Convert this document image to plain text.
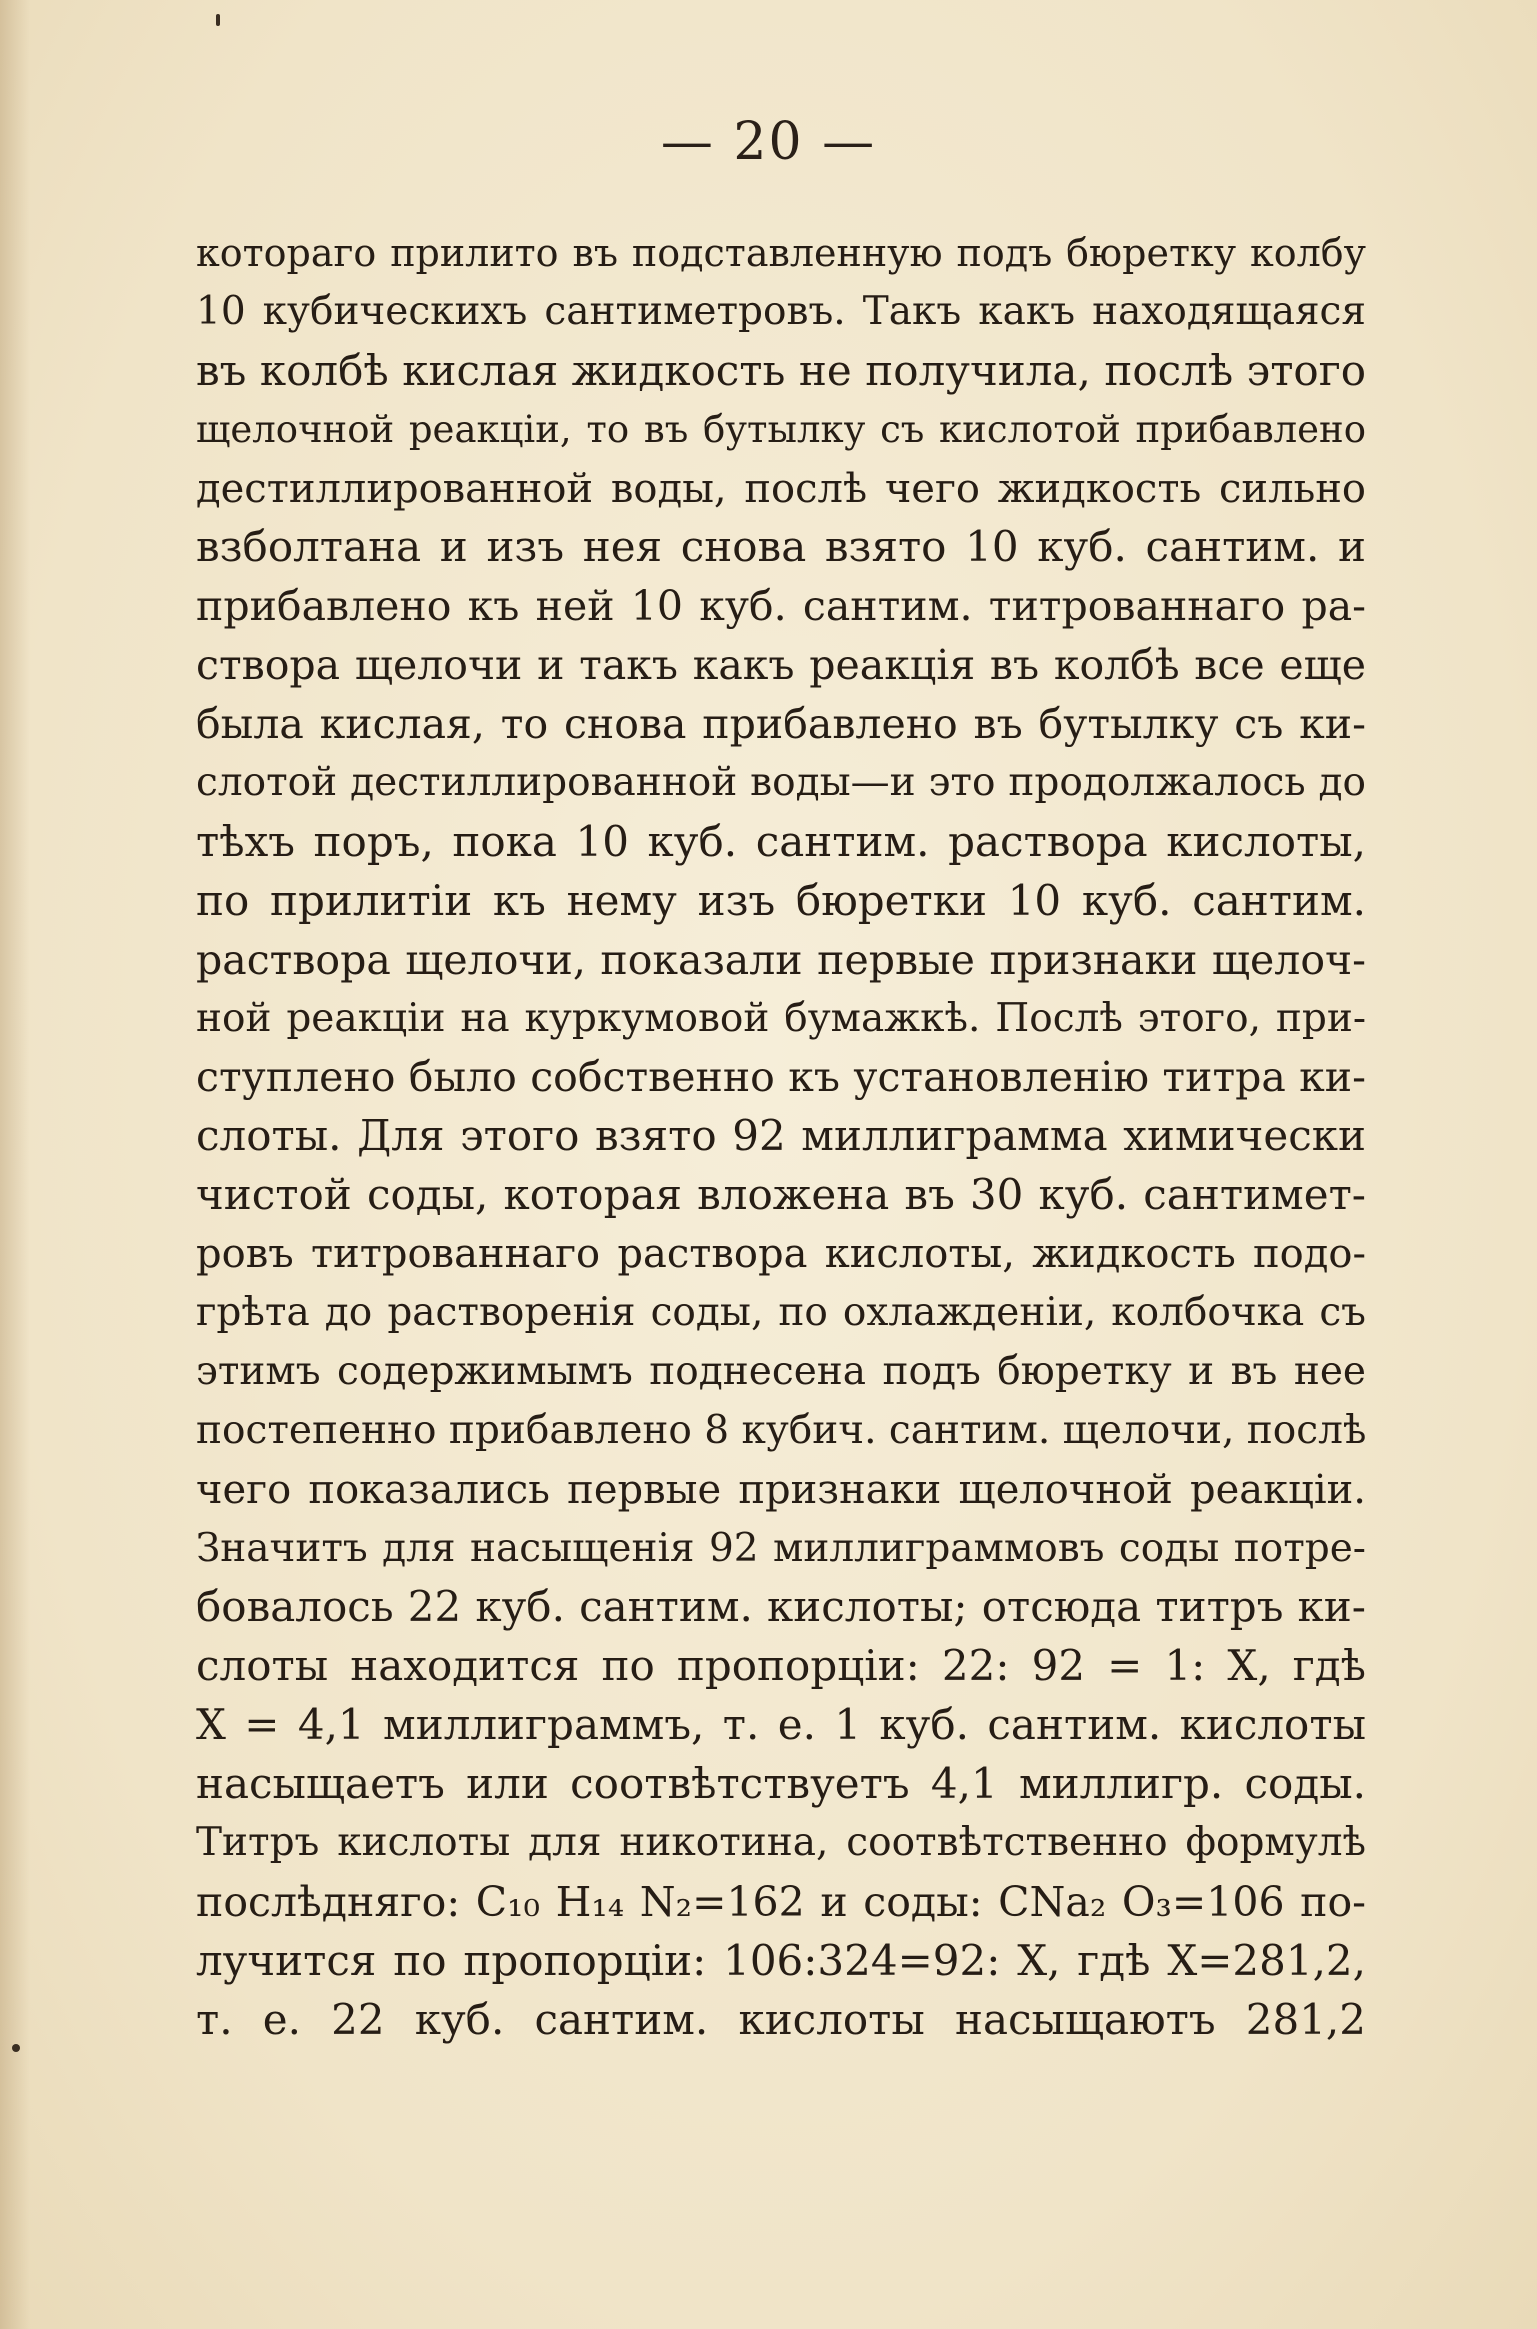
— 20 —
котораго прилито въ подставленную подъ бюретку колбу
10 кубическихъ сантиметровъ. Такъ какъ находящаяся
въ колбѣ кислая жидкость не получила, послѣ этого
щелочной реакціи, то въ бутылку съ кислотой прибавлено
дестиллированной воды, послѣ чего жидкость сильно
взболтана и изъ нея снова взято 10 куб. сантим. и
прибавлено къ ней 10 куб. сантим. титрованнаго ра-
створа щелочи и такъ какъ реакція въ колбѣ все еще
была кислая, то снова прибавлено въ бутылку съ ки-
слотой дестиллированной воды—и это продолжалось до
тѣхъ поръ, пока 10 куб. сантим. раствора кислоты,
по прилитіи къ нему изъ бюретки 10 куб. сантим.
раствора щелочи, показали первые признаки щелоч-
ной реакціи на куркумовой бумажкѣ. Послѣ этого, при-
ступлено было собственно къ установленію титра ки-
слоты. Для этого взято 92 миллиграмма химически
чистой соды, которая вложена въ 30 куб. сантимет-
ровъ титрованнаго раствора кислоты, жидкость подо-
грѣта до растворенія соды, по охлажденіи, колбочка съ
этимъ содержимымъ поднесена подъ бюретку и въ нее
постепенно прибавлено 8 кубич. сантим. щелочи, послѣ
чего показались первые признаки щелочной реакціи.
Значитъ для насыщенія 92 миллиграммовъ соды потре-
бовалось 22 куб. сантим. кислоты; отсюда титръ ки-
слоты находится по пропорціи: 22: 92 = 1: X, гдѣ
X = 4,1 миллиграммъ, т. е. 1 куб. сантим. кислоты
насыщаетъ или соотвѣтствуетъ 4,1 миллигр. соды.
Титръ кислоты для никотина, соотвѣтственно формулѣ
послѣдняго: C₁₀ H₁₄ N₂=162 и соды: CNa₂ O₃=106 по-
лучится по пропорціи: 106:324=92: X, гдѣ X=281,2,
т. е. 22 куб. сантим. кислоты насыщаютъ 281,2
